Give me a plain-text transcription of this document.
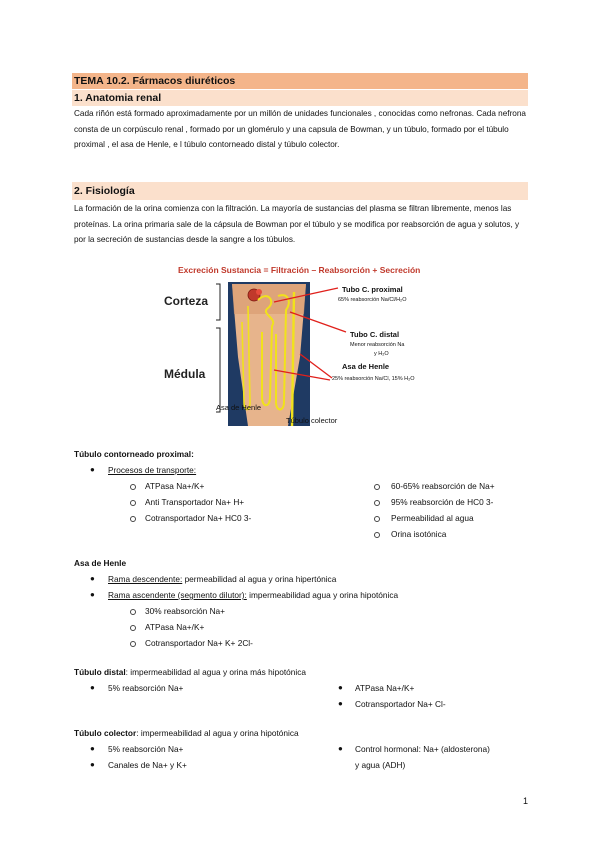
TEMA 10.2. Fármacos diuréticos
1. Anatomia renal

Cada riñón está formado aproximadamente por un millón de unidades funcionales , conocidas como nefronas. Cada nefrona consta de un corpúsculo renal , formado por un glomérulo y una capsula de Bowman, y un túbulo, formado por el túbulo proximal , el asa de Henle, e l túbulo contorneado distal y túbulo colector.

2. Fisiología

La formación de la orina comienza con la filtración. La mayoría de sustancias del plasma se filtran libremente, menos las proteínas. La orina primaria sale de la cápsula de Bowman por el túbulo y se modifica por reabsorción de agua y solutos, y por la secreción de sustancias desde la sangre a los túbulos.

Excreción Sustancia = Filtración – Reabsorción + Secreción
Corteza
Médula
Tubo C. proximal
65% reabsorción Na/Cl/H₂O
Tubo C. distal
Menor reabsorción Na
y H₂O
Asa de Henle
25% reabsorción Na/Cl, 15% H₂O
Asa de Henle
Túbulo colector
Túbulo contorneado proximal:
● Procesos de transporte:
ATPasa Na+/K+
Anti Transportador Na+ H+
Cotransportador Na+ HC0 3-
60-65% reabsorción de Na+
95% reabsorción de HC0 3-
Permeabilidad al agua
Orina isotónica
Asa de Henle
● Rama descendente: permeabilidad al agua y orina hipertónica
● Rama ascendente (segmento dilutor): impermeabilidad agua y orina hipotónica
30% reabsorción Na+
ATPasa Na+/K+
Cotransportador Na+ K+ 2Cl-
Túbulo distal: impermeabilidad al agua y orina más hipotónica
● 5% reabsorción Na+	● ATPasa Na+/K+
● Cotransportador Na+ Cl-
Túbulo colector: impermeabilidad al agua y orina hipotónica
● 5% reabsorción Na+
● Canales de Na+ y K+
● Control hormonal: Na+ (aldosterona)
y agua (ADH)
1
